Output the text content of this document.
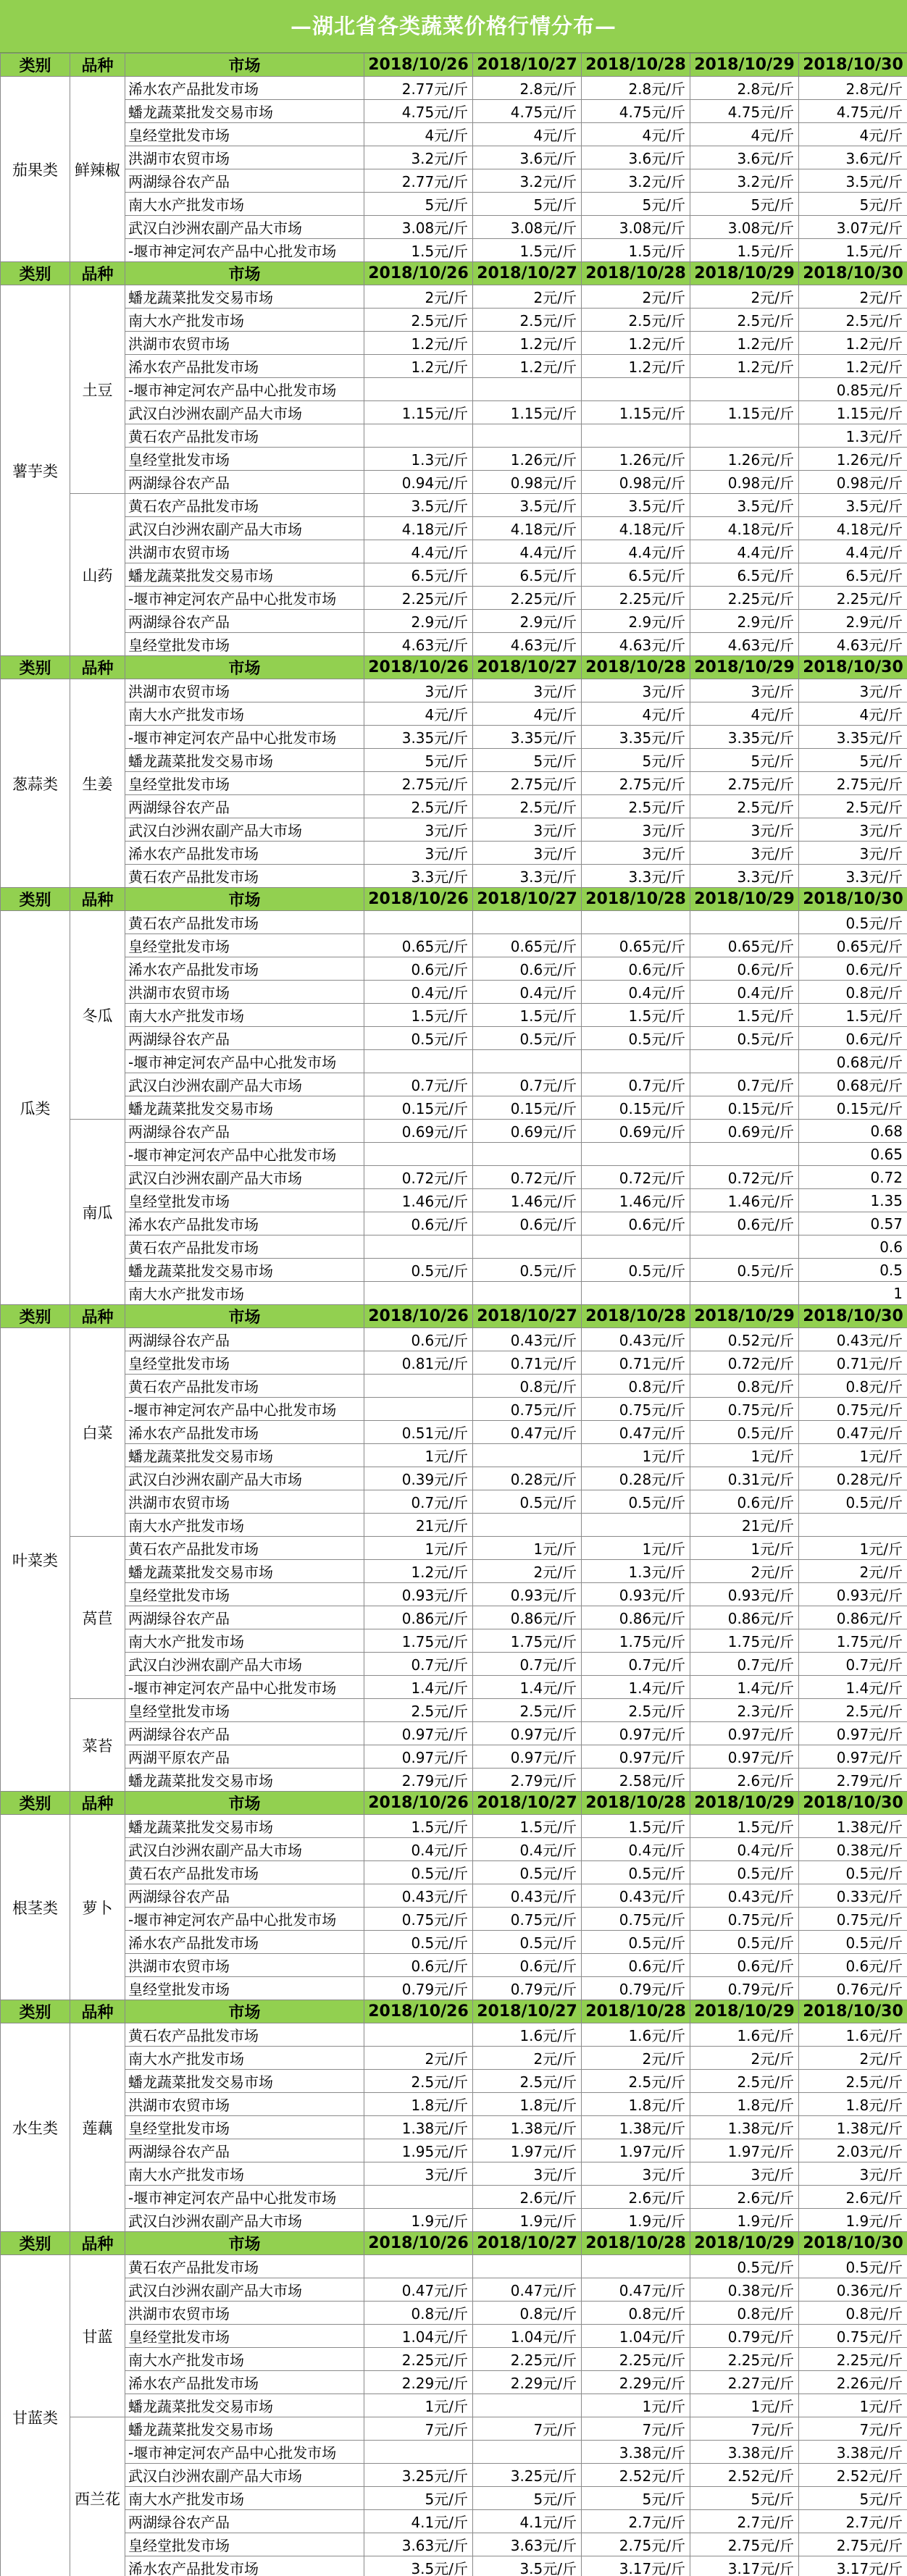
—湖北省各类蔬菜价格行情分布—
类别	品种	市场	2018/10/26	2018/10/27	2018/10/28	2018/10/29	2018/10/30
茄果类	鲜辣椒	浠水农产品批发市场	2.77元/斤	2.8元/斤	2.8元/斤	2.8元/斤	2.8元/斤
		蟠龙蔬菜批发交易市场	4.75元/斤	4.75元/斤	4.75元/斤	4.75元/斤	4.75元/斤
		皇经堂批发市场	4元/斤	4元/斤	4元/斤	4元/斤	4元/斤
		洪湖市农贸市场	3.2元/斤	3.6元/斤	3.6元/斤	3.6元/斤	3.6元/斤
		两湖绿谷农产品	2.77元/斤	3.2元/斤	3.2元/斤	3.2元/斤	3.5元/斤
		南大水产批发市场	5元/斤	5元/斤	5元/斤	5元/斤	5元/斤
		武汉白沙洲农副产品大市场	3.08元/斤	3.08元/斤	3.08元/斤	3.08元/斤	3.07元/斤
		-堰市神定河农产品中心批发市场	1.5元/斤	1.5元/斤	1.5元/斤	1.5元/斤	1.5元/斤
类别	品种	市场	2018/10/26	2018/10/27	2018/10/28	2018/10/29	2018/10/30
薯芋类	土豆	蟠龙蔬菜批发交易市场	2元/斤	2元/斤	2元/斤	2元/斤	2元/斤
		南大水产批发市场	2.5元/斤	2.5元/斤	2.5元/斤	2.5元/斤	2.5元/斤
		洪湖市农贸市场	1.2元/斤	1.2元/斤	1.2元/斤	1.2元/斤	1.2元/斤
		浠水农产品批发市场	1.2元/斤	1.2元/斤	1.2元/斤	1.2元/斤	1.2元/斤
		-堰市神定河农产品中心批发市场					0.85元/斤
		武汉白沙洲农副产品大市场	1.15元/斤	1.15元/斤	1.15元/斤	1.15元/斤	1.15元/斤
		黄石农产品批发市场					1.3元/斤
		皇经堂批发市场	1.3元/斤	1.26元/斤	1.26元/斤	1.26元/斤	1.26元/斤
		两湖绿谷农产品	0.94元/斤	0.98元/斤	0.98元/斤	0.98元/斤	0.98元/斤
	山药	黄石农产品批发市场	3.5元/斤	3.5元/斤	3.5元/斤	3.5元/斤	3.5元/斤
		武汉白沙洲农副产品大市场	4.18元/斤	4.18元/斤	4.18元/斤	4.18元/斤	4.18元/斤
		洪湖市农贸市场	4.4元/斤	4.4元/斤	4.4元/斤	4.4元/斤	4.4元/斤
		蟠龙蔬菜批发交易市场	6.5元/斤	6.5元/斤	6.5元/斤	6.5元/斤	6.5元/斤
		-堰市神定河农产品中心批发市场	2.25元/斤	2.25元/斤	2.25元/斤	2.25元/斤	2.25元/斤
		两湖绿谷农产品	2.9元/斤	2.9元/斤	2.9元/斤	2.9元/斤	2.9元/斤
		皇经堂批发市场	4.63元/斤	4.63元/斤	4.63元/斤	4.63元/斤	4.63元/斤
类别	品种	市场	2018/10/26	2018/10/27	2018/10/28	2018/10/29	2018/10/30
葱蒜类	生姜	洪湖市农贸市场	3元/斤	3元/斤	3元/斤	3元/斤	3元/斤
		南大水产批发市场	4元/斤	4元/斤	4元/斤	4元/斤	4元/斤
		-堰市神定河农产品中心批发市场	3.35元/斤	3.35元/斤	3.35元/斤	3.35元/斤	3.35元/斤
		蟠龙蔬菜批发交易市场	5元/斤	5元/斤	5元/斤	5元/斤	5元/斤
		皇经堂批发市场	2.75元/斤	2.75元/斤	2.75元/斤	2.75元/斤	2.75元/斤
		两湖绿谷农产品	2.5元/斤	2.5元/斤	2.5元/斤	2.5元/斤	2.5元/斤
		武汉白沙洲农副产品大市场	3元/斤	3元/斤	3元/斤	3元/斤	3元/斤
		浠水农产品批发市场	3元/斤	3元/斤	3元/斤	3元/斤	3元/斤
		黄石农产品批发市场	3.3元/斤	3.3元/斤	3.3元/斤	3.3元/斤	3.3元/斤
类别	品种	市场	2018/10/26	2018/10/27	2018/10/28	2018/10/29	2018/10/30
瓜类	冬瓜	黄石农产品批发市场					0.5元/斤
		皇经堂批发市场	0.65元/斤	0.65元/斤	0.65元/斤	0.65元/斤	0.65元/斤
		浠水农产品批发市场	0.6元/斤	0.6元/斤	0.6元/斤	0.6元/斤	0.6元/斤
		洪湖市农贸市场	0.4元/斤	0.4元/斤	0.4元/斤	0.4元/斤	0.8元/斤
		南大水产批发市场	1.5元/斤	1.5元/斤	1.5元/斤	1.5元/斤	1.5元/斤
		两湖绿谷农产品	0.5元/斤	0.5元/斤	0.5元/斤	0.5元/斤	0.6元/斤
		-堰市神定河农产品中心批发市场					0.68元/斤
		武汉白沙洲农副产品大市场	0.7元/斤	0.7元/斤	0.7元/斤	0.7元/斤	0.68元/斤
		蟠龙蔬菜批发交易市场	0.15元/斤	0.15元/斤	0.15元/斤	0.15元/斤	0.15元/斤
	南瓜	两湖绿谷农产品	0.69元/斤	0.69元/斤	0.69元/斤	0.69元/斤	0.68
		-堰市神定河农产品中心批发市场					0.65
		武汉白沙洲农副产品大市场	0.72元/斤	0.72元/斤	0.72元/斤	0.72元/斤	0.72
		皇经堂批发市场	1.46元/斤	1.46元/斤	1.46元/斤	1.46元/斤	1.35
		浠水农产品批发市场	0.6元/斤	0.6元/斤	0.6元/斤	0.6元/斤	0.57
		黄石农产品批发市场					0.6
		蟠龙蔬菜批发交易市场	0.5元/斤	0.5元/斤	0.5元/斤	0.5元/斤	0.5
		南大水产批发市场					1
类别	品种	市场	2018/10/26	2018/10/27	2018/10/28	2018/10/29	2018/10/30
叶菜类	白菜	两湖绿谷农产品	0.6元/斤	0.43元/斤	0.43元/斤	0.52元/斤	0.43元/斤
		皇经堂批发市场	0.81元/斤	0.71元/斤	0.71元/斤	0.72元/斤	0.71元/斤
		黄石农产品批发市场		0.8元/斤	0.8元/斤	0.8元/斤	0.8元/斤
		-堰市神定河农产品中心批发市场		0.75元/斤	0.75元/斤	0.75元/斤	0.75元/斤
		浠水农产品批发市场	0.51元/斤	0.47元/斤	0.47元/斤	0.5元/斤	0.47元/斤
		蟠龙蔬菜批发交易市场	1元/斤		1元/斤	1元/斤	1元/斤
		武汉白沙洲农副产品大市场	0.39元/斤	0.28元/斤	0.28元/斤	0.31元/斤	0.28元/斤
		洪湖市农贸市场	0.7元/斤	0.5元/斤	0.5元/斤	0.6元/斤	0.5元/斤
		南大水产批发市场	21元/斤			21元/斤	
	莴苣	黄石农产品批发市场	1元/斤	1元/斤	1元/斤	1元/斤	1元/斤
		蟠龙蔬菜批发交易市场	1.2元/斤	2元/斤	1.3元/斤	2元/斤	2元/斤
		皇经堂批发市场	0.93元/斤	0.93元/斤	0.93元/斤	0.93元/斤	0.93元/斤
		两湖绿谷农产品	0.86元/斤	0.86元/斤	0.86元/斤	0.86元/斤	0.86元/斤
		南大水产批发市场	1.75元/斤	1.75元/斤	1.75元/斤	1.75元/斤	1.75元/斤
		武汉白沙洲农副产品大市场	0.7元/斤	0.7元/斤	0.7元/斤	0.7元/斤	0.7元/斤
		-堰市神定河农产品中心批发市场	1.4元/斤	1.4元/斤	1.4元/斤	1.4元/斤	1.4元/斤
	菜苔	皇经堂批发市场	2.5元/斤	2.5元/斤	2.5元/斤	2.3元/斤	2.5元/斤
		两湖绿谷农产品	0.97元/斤	0.97元/斤	0.97元/斤	0.97元/斤	0.97元/斤
		两湖平原农产品	0.97元/斤	0.97元/斤	0.97元/斤	0.97元/斤	0.97元/斤
		蟠龙蔬菜批发交易市场	2.79元/斤	2.79元/斤	2.58元/斤	2.6元/斤	2.79元/斤
类别	品种	市场	2018/10/26	2018/10/27	2018/10/28	2018/10/29	2018/10/30
根茎类	萝卜	蟠龙蔬菜批发交易市场	1.5元/斤	1.5元/斤	1.5元/斤	1.5元/斤	1.38元/斤
		武汉白沙洲农副产品大市场	0.4元/斤	0.4元/斤	0.4元/斤	0.4元/斤	0.38元/斤
		黄石农产品批发市场	0.5元/斤	0.5元/斤	0.5元/斤	0.5元/斤	0.5元/斤
		两湖绿谷农产品	0.43元/斤	0.43元/斤	0.43元/斤	0.43元/斤	0.33元/斤
		-堰市神定河农产品中心批发市场	0.75元/斤	0.75元/斤	0.75元/斤	0.75元/斤	0.75元/斤
		浠水农产品批发市场	0.5元/斤	0.5元/斤	0.5元/斤	0.5元/斤	0.5元/斤
		洪湖市农贸市场	0.6元/斤	0.6元/斤	0.6元/斤	0.6元/斤	0.6元/斤
		皇经堂批发市场	0.79元/斤	0.79元/斤	0.79元/斤	0.79元/斤	0.76元/斤
类别	品种	市场	2018/10/26	2018/10/27	2018/10/28	2018/10/29	2018/10/30
水生类	莲藕	黄石农产品批发市场		1.6元/斤	1.6元/斤	1.6元/斤	1.6元/斤
		南大水产批发市场	2元/斤	2元/斤	2元/斤	2元/斤	2元/斤
		蟠龙蔬菜批发交易市场	2.5元/斤	2.5元/斤	2.5元/斤	2.5元/斤	2.5元/斤
		洪湖市农贸市场	1.8元/斤	1.8元/斤	1.8元/斤	1.8元/斤	1.8元/斤
		皇经堂批发市场	1.38元/斤	1.38元/斤	1.38元/斤	1.38元/斤	1.38元/斤
		两湖绿谷农产品	1.95元/斤	1.97元/斤	1.97元/斤	1.97元/斤	2.03元/斤
		南大水产批发市场	3元/斤	3元/斤	3元/斤	3元/斤	3元/斤
		-堰市神定河农产品中心批发市场		2.6元/斤	2.6元/斤	2.6元/斤	2.6元/斤
		武汉白沙洲农副产品大市场	1.9元/斤	1.9元/斤	1.9元/斤	1.9元/斤	1.9元/斤
类别	品种	市场	2018/10/26	2018/10/27	2018/10/28	2018/10/29	2018/10/30
甘蓝类	甘蓝	黄石农产品批发市场				0.5元/斤	0.5元/斤
		武汉白沙洲农副产品大市场	0.47元/斤	0.47元/斤	0.47元/斤	0.38元/斤	0.36元/斤
		洪湖市农贸市场	0.8元/斤	0.8元/斤	0.8元/斤	0.8元/斤	0.8元/斤
		皇经堂批发市场	1.04元/斤	1.04元/斤	1.04元/斤	0.79元/斤	0.75元/斤
		南大水产批发市场	2.25元/斤	2.25元/斤	2.25元/斤	2.25元/斤	2.25元/斤
		浠水农产品批发市场	2.29元/斤	2.29元/斤	2.29元/斤	2.27元/斤	2.26元/斤
		蟠龙蔬菜批发交易市场	1元/斤		1元/斤	1元/斤	1元/斤
	西兰花	蟠龙蔬菜批发交易市场	7元/斤	7元/斤	7元/斤	7元/斤	7元/斤
		-堰市神定河农产品中心批发市场			3.38元/斤	3.38元/斤	3.38元/斤
		武汉白沙洲农副产品大市场	3.25元/斤	3.25元/斤	2.52元/斤	2.52元/斤	2.52元/斤
		南大水产批发市场	5元/斤	5元/斤	5元/斤	5元/斤	5元/斤
		两湖绿谷农产品	4.1元/斤	4.1元/斤	2.7元/斤	2.7元/斤	2.7元/斤
		皇经堂批发市场	3.63元/斤	3.63元/斤	2.75元/斤	2.75元/斤	2.75元/斤
		浠水农产品批发市场	3.5元/斤	3.5元/斤	3.17元/斤	3.17元/斤	3.17元/斤
